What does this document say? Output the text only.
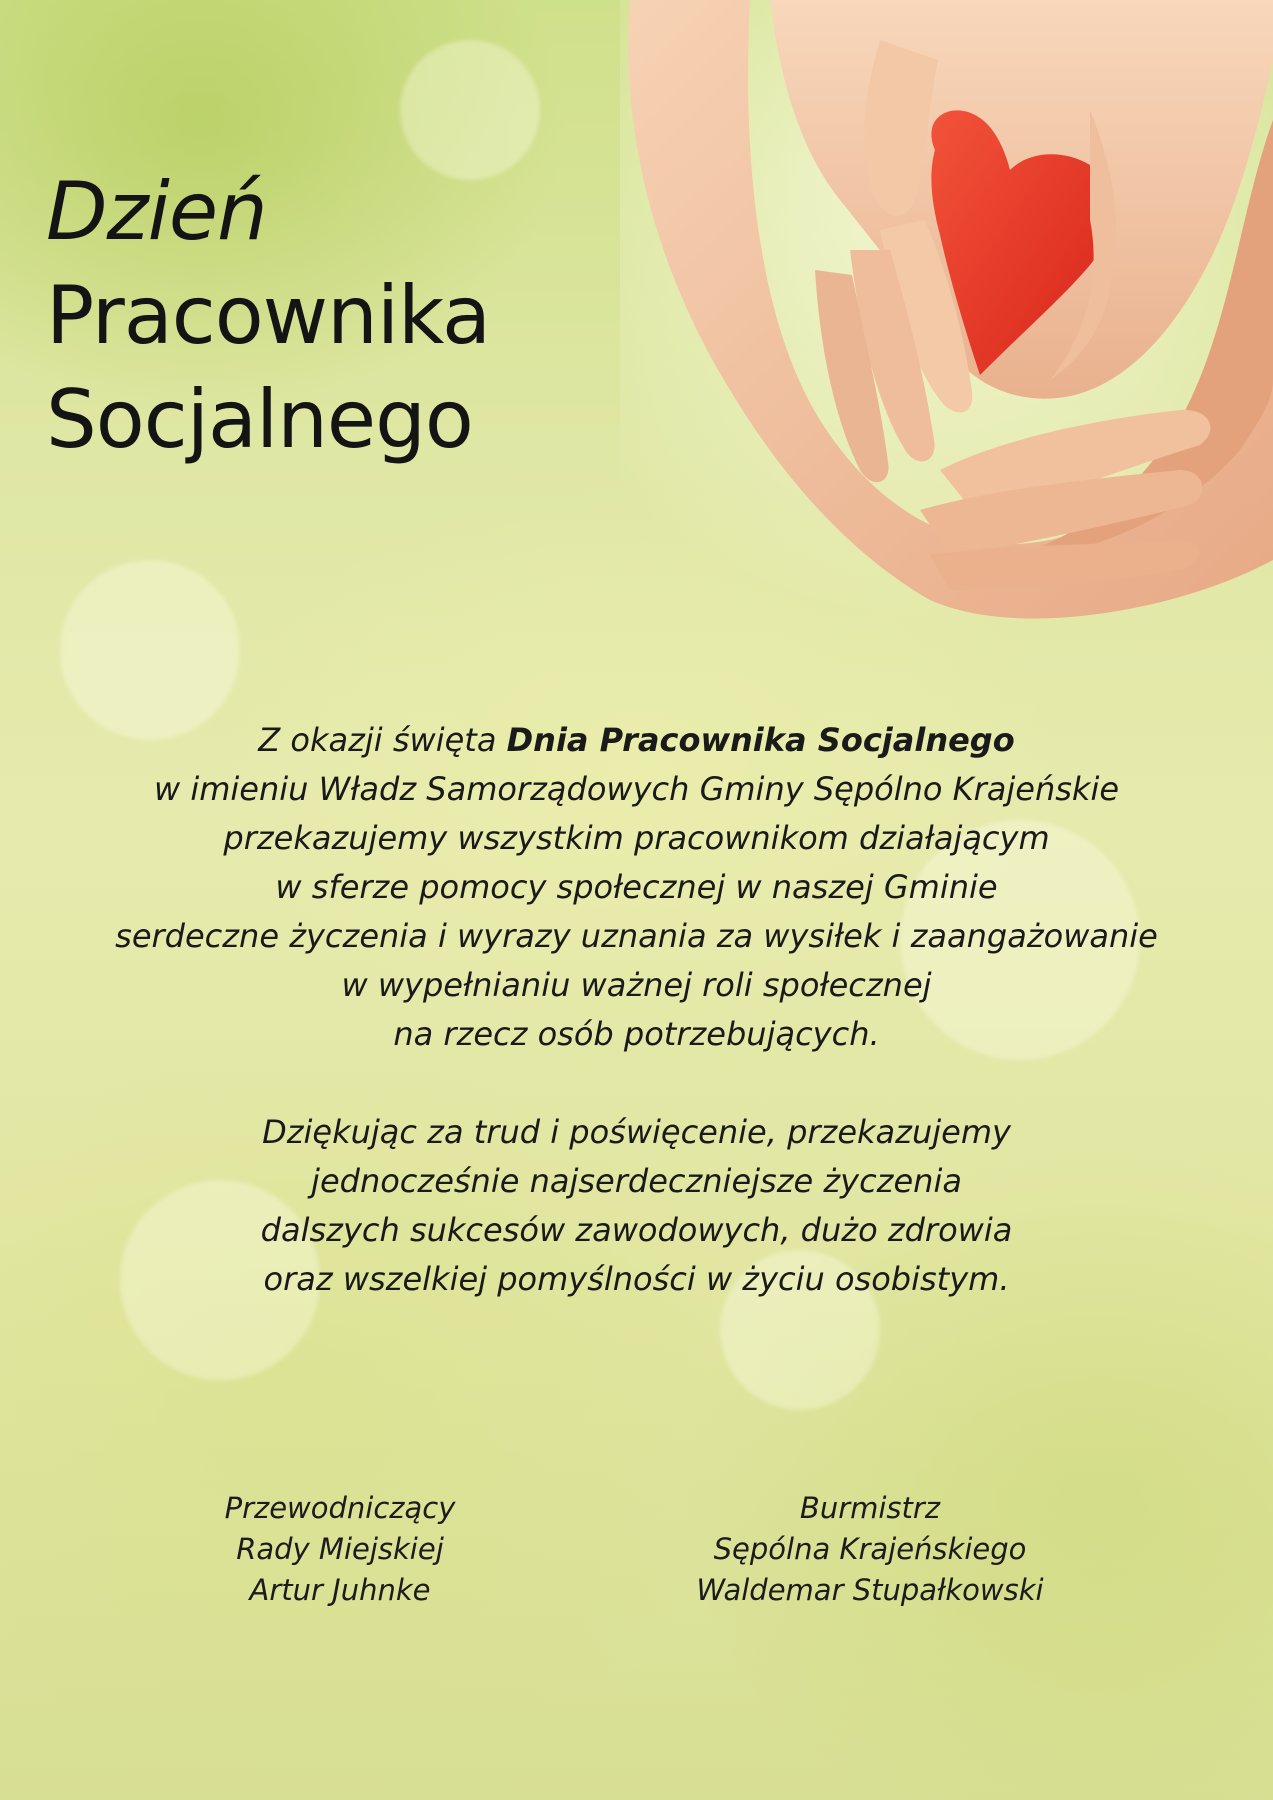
Dzień
Pracownika
Socjalnego

Z okazji święta Dnia Pracownika Socjalnego
w imieniu Władz Samorządowych Gminy Sępólno Krajeńskie
przekazujemy wszystkim pracownikom działającym
w sferze pomocy społecznej w naszej Gminie
serdeczne życzenia i wyrazy uznania za wysiłek i zaangażowanie
w wypełnianiu ważnej roli społecznej
na rzecz osób potrzebujących.

Dziękując za trud i poświęcenie, przekazujemy
jednocześnie najserdeczniejsze życzenia
dalszych sukcesów zawodowych, dużo zdrowia
oraz wszelkiej pomyślności w życiu osobistym.

Przewodniczący
Rady Miejskiej
Artur Juhnke
Burmistrz
Sępólna Krajeńskiego
Waldemar Stupałkowski
